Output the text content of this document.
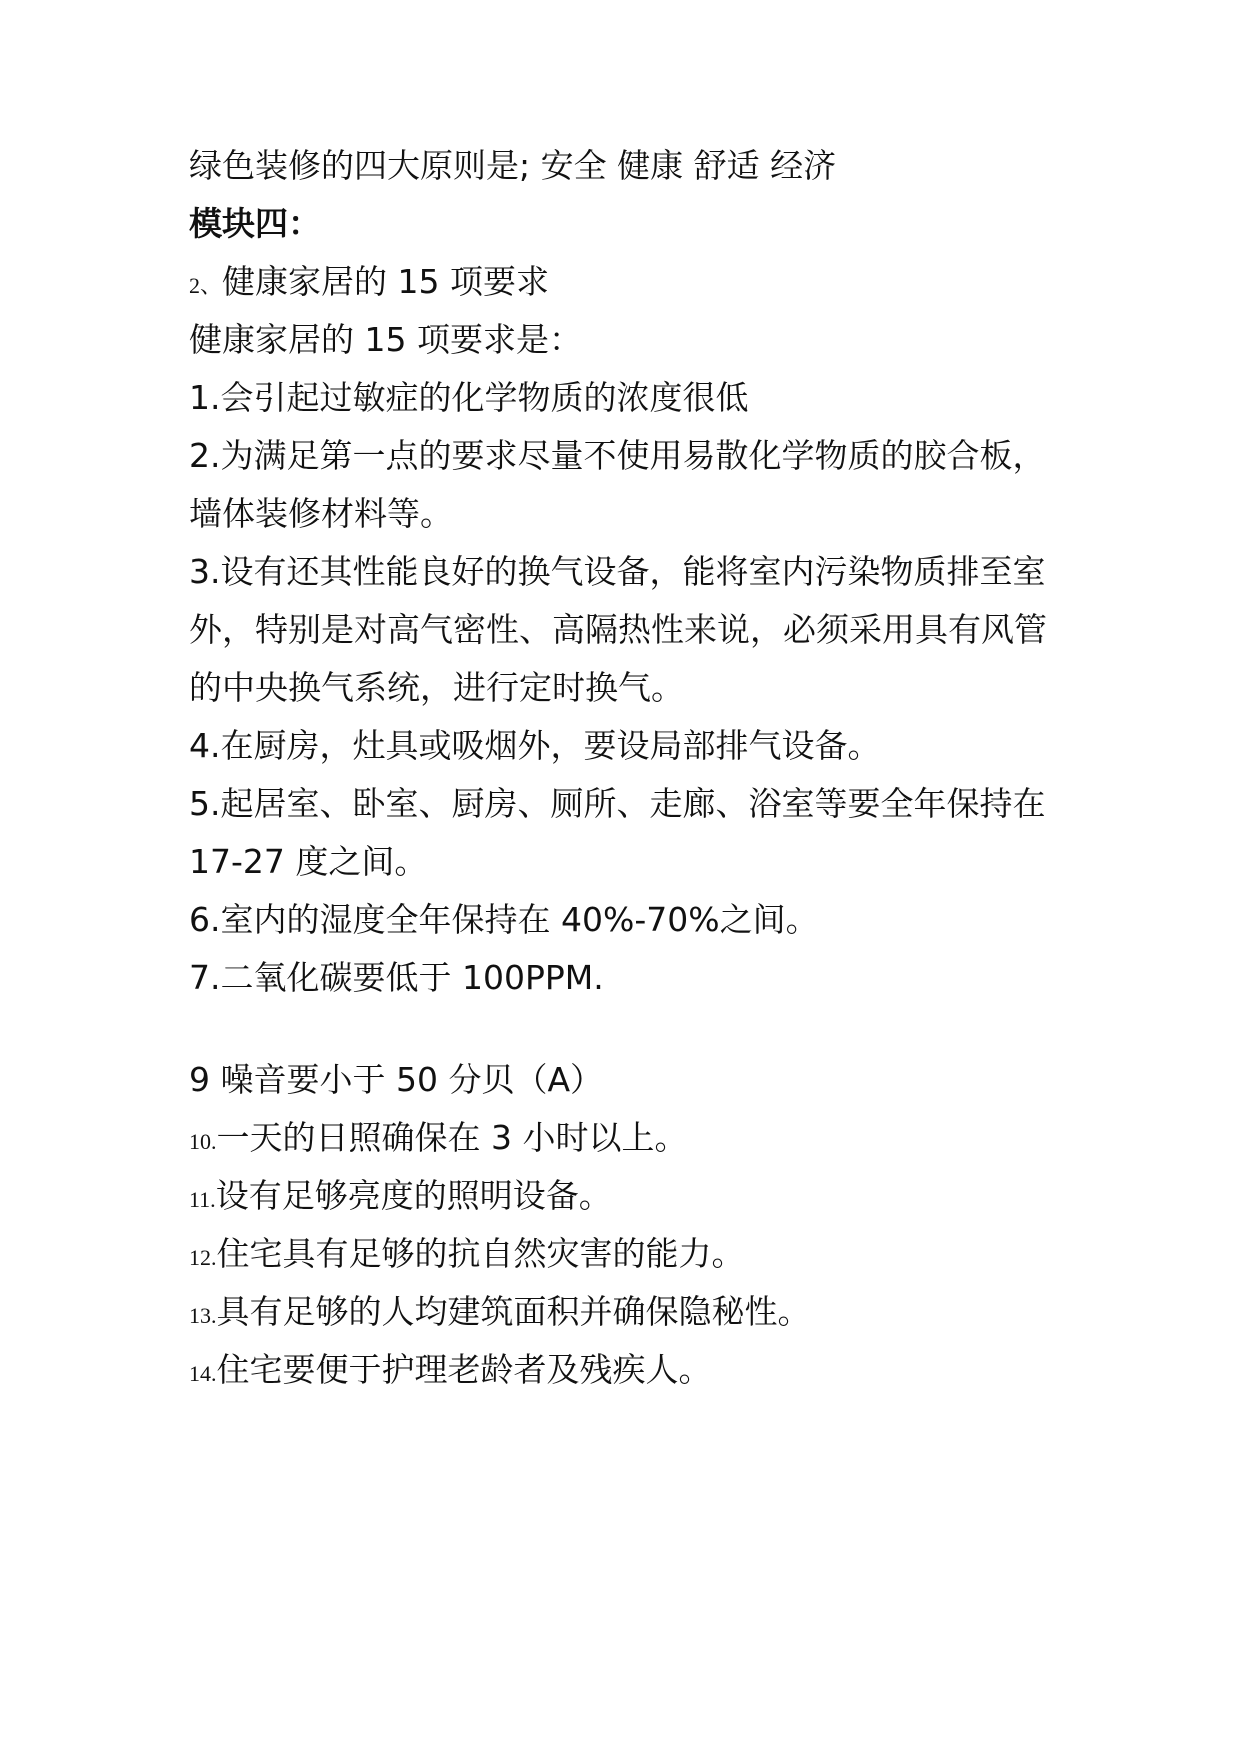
绿色装修的四大原则是; 安全 健康 舒适 经济

模块四：

2、健康家居的 15 项要求

健康家居的 15 项要求是：

1.会引起过敏症的化学物质的浓度很低

2.为满足第一点的要求尽量不使用易散化学物质的胶合板，

墙体装修材料等。

3.设有还其性能良好的换气设备，能将室内污染物质排至室

外，特别是对高气密性、高隔热性来说，必须采用具有风管

的中央换气系统，进行定时换气。

4.在厨房，灶具或吸烟外，要设局部排气设备。

5.起居室、卧室、厨房、厕所、走廊、浴室等要全年保持在

17-27 度之间。

6.室内的湿度全年保持在 40%-70%之间。

7.二氧化碳要低于 100PPM.

9 噪音要小于 50 分贝（A）

10.一天的日照确保在 3 小时以上。

11.设有足够亮度的照明设备。

12.住宅具有足够的抗自然灾害的能力。

13.具有足够的人均建筑面积并确保隐秘性。

14.住宅要便于护理老龄者及残疾人。
